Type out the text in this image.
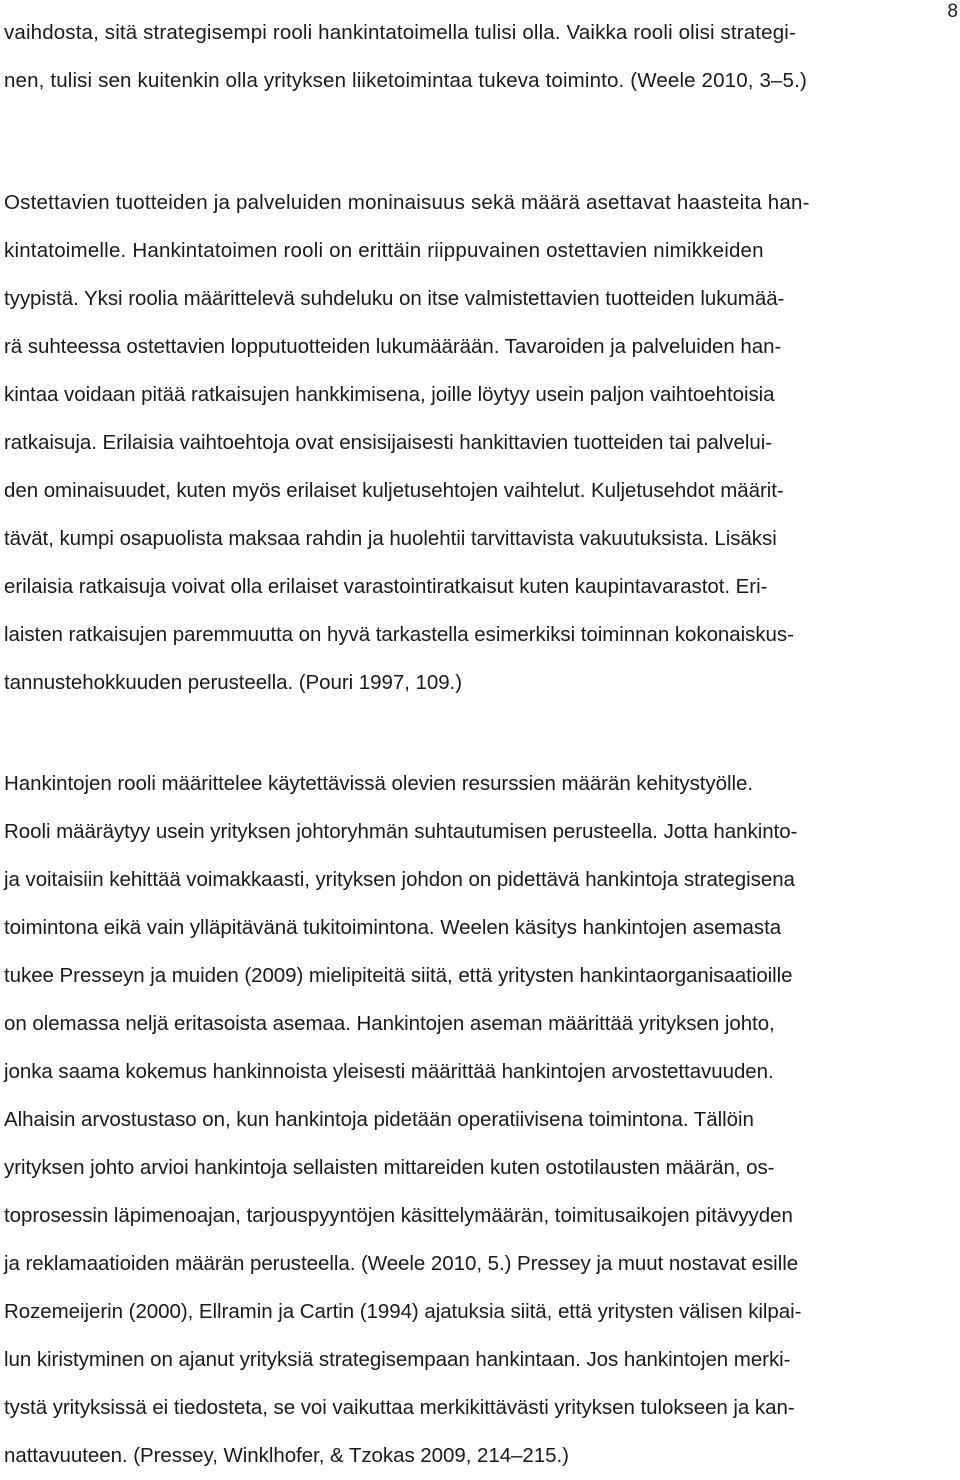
8
vaihdosta, sitä strategisempi rooli hankintatoimella tulisi olla. Vaikka rooli olisi strategi-
nen, tulisi sen kuitenkin olla yrityksen liiketoimintaa tukeva toiminto. (Weele 2010, 3–5.)
Ostettavien tuotteiden ja palveluiden moninaisuus sekä määrä asettavat haasteita han-
kintatoimelle. Hankintatoimen rooli on erittäin riippuvainen ostettavien nimikkeiden
tyypistä. Yksi roolia määrittelevä suhdeluku on itse valmistettavien tuotteiden lukumää-
rä suhteessa ostettavien lopputuotteiden lukumäärään. Tavaroiden ja palveluiden han-
kintaa voidaan pitää ratkaisujen hankkimisena, joille löytyy usein paljon vaihtoehtoisia
ratkaisuja. Erilaisia vaihtoehtoja ovat ensisijaisesti hankittavien tuotteiden tai palvelui-
den ominaisuudet, kuten myös erilaiset kuljetusehtojen vaihtelut. Kuljetusehdot määrit-
tävät, kumpi osapuolista maksaa rahdin ja huolehtii tarvittavista vakuutuksista. Lisäksi
erilaisia ratkaisuja voivat olla erilaiset varastointiratkaisut kuten kaupintavarastot. Eri-
laisten ratkaisujen paremmuutta on hyvä tarkastella esimerkiksi toiminnan kokonaiskus-
tannustehokkuuden perusteella. (Pouri 1997, 109.)
Hankintojen rooli määrittelee käytettävissä olevien resurssien määrän kehitystyölle.
Rooli määräytyy usein yrityksen johtoryhmän suhtautumisen perusteella. Jotta hankinto-
ja voitaisiin kehittää voimakkaasti, yrityksen johdon on pidettävä hankintoja strategisena
toimintona eikä vain ylläpitävänä tukitoimintona. Weelen käsitys hankintojen asemasta
tukee Presseyn ja muiden (2009) mielipiteitä siitä, että yritysten hankintaorganisaatioille
on olemassa neljä eritasoista asemaa. Hankintojen aseman määrittää yrityksen johto,
jonka saama kokemus hankinnoista yleisesti määrittää hankintojen arvostettavuuden.
Alhaisin arvostustaso on, kun hankintoja pidetään operatiivisena toimintona. Tällöin
yrityksen johto arvioi hankintoja sellaisten mittareiden kuten ostotilausten määrän, os-
toprosessin läpimenoajan, tarjouspyyntöjen käsittelymäärän, toimitusaikojen pitävyyden
ja reklamaatioiden määrän perusteella. (Weele 2010, 5.) Pressey ja muut nostavat esille
Rozemeijerin (2000), Ellramin ja Cartin (1994) ajatuksia siitä, että yritysten välisen kilpai-
lun kiristyminen on ajanut yrityksiä strategisempaan hankintaan. Jos hankintojen merki-
tystä yrityksissä ei tiedosteta, se voi vaikuttaa merkikittävästi yrityksen tulokseen ja kan-
nattavuuteen. (Pressey, Winklhofer, & Tzokas 2009, 214–215.)
